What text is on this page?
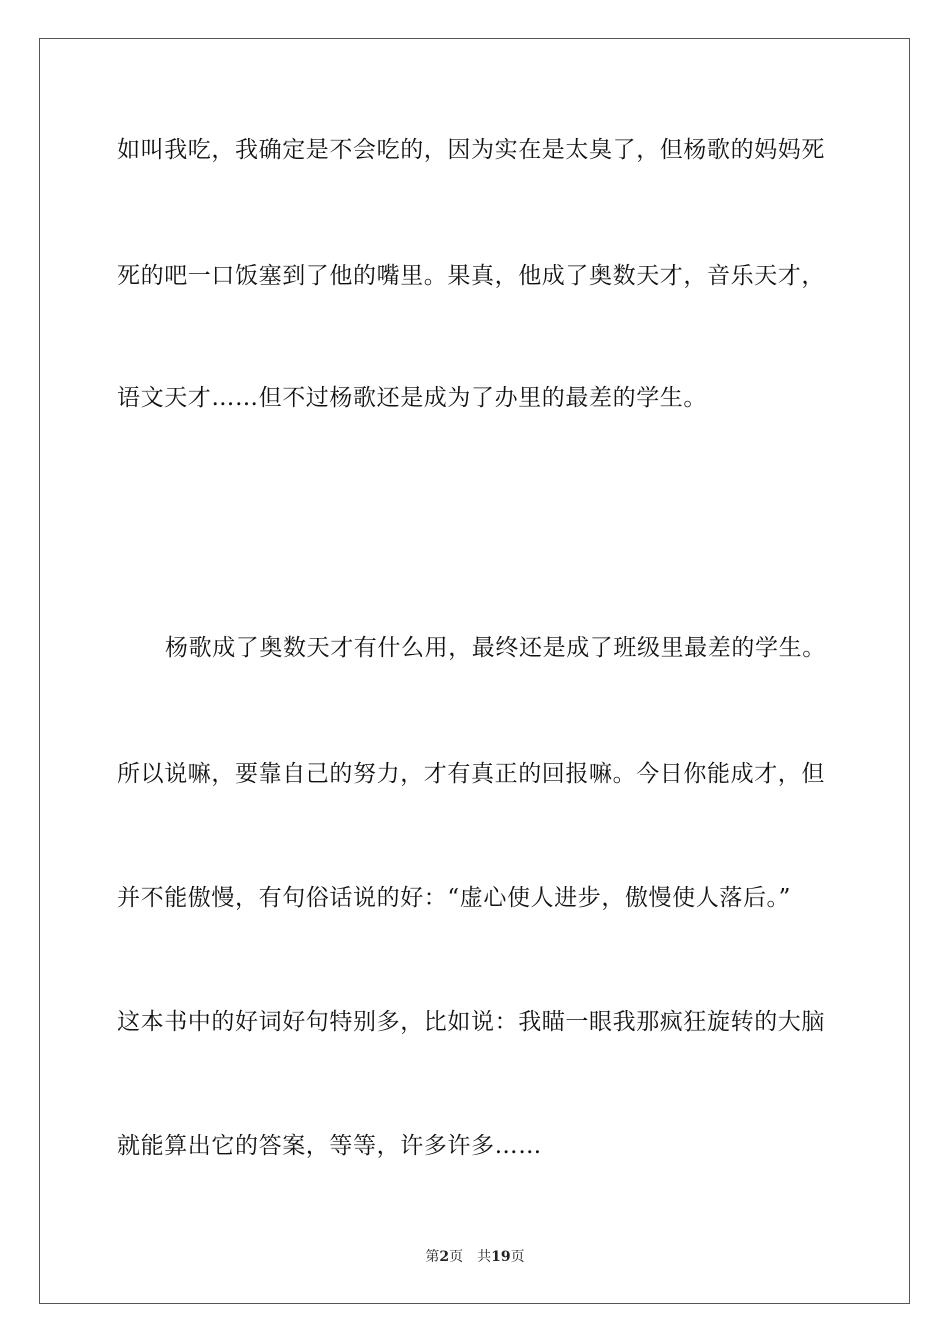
如叫我吃，我确定是不会吃的，因为实在是太臭了，但杨歌的妈妈死
死的吧一口饭塞到了他的嘴里。果真，他成了奥数天才，音乐天才，
语文天才……但不过杨歌还是成为了办里的最差的学生。
杨歌成了奥数天才有什么用，最终还是成了班级里最差的学生。
所以说嘛，要靠自己的努力，才有真正的回报嘛。今日你能成才，但
并不能傲慢，有句俗话说的好：“虚心使人进步，傲慢使人落后。”
这本书中的好词好句特别多，比如说：我瞄一眼我那疯狂旋转的大脑
就能算出它的答案，等等，许多许多……
第2页 共19页
